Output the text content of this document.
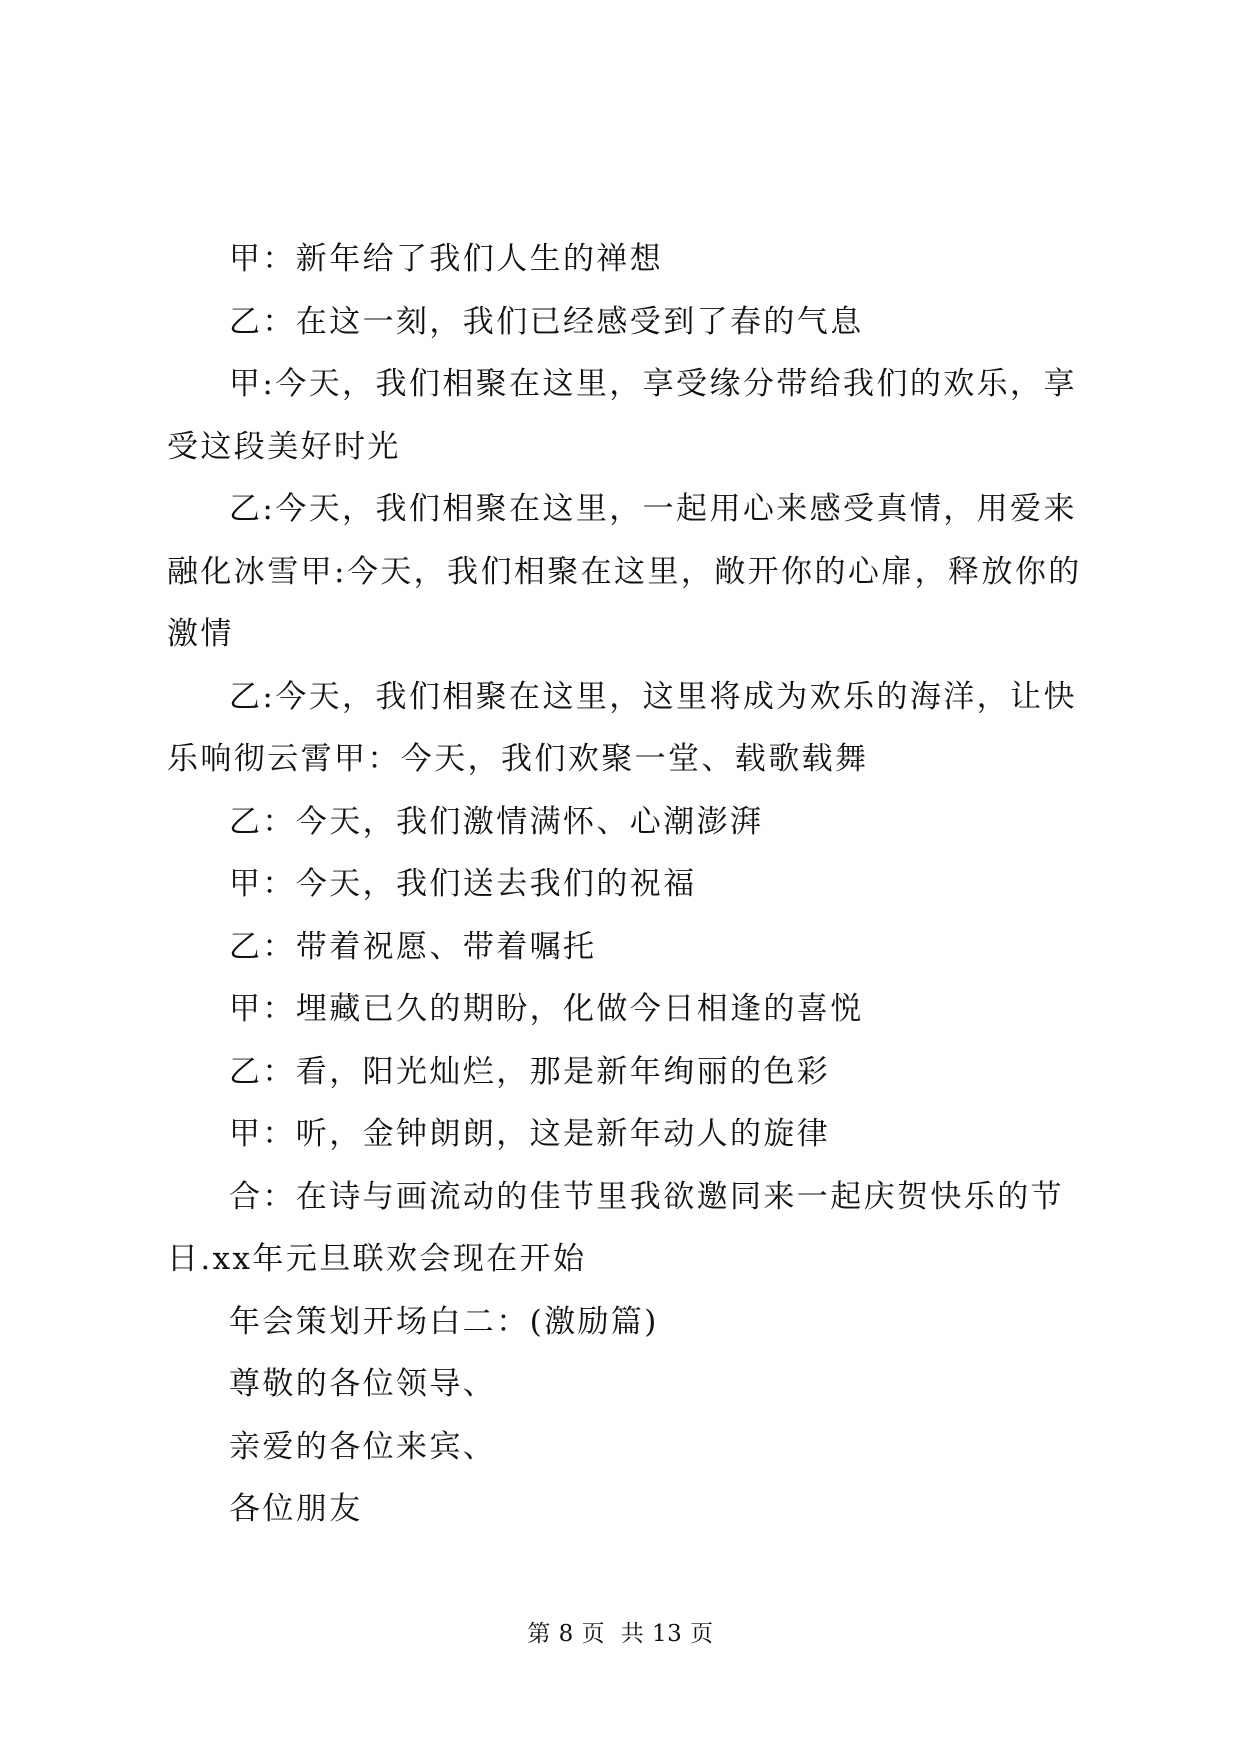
甲：新年给了我们人生的禅想

乙：在这一刻，我们已经感受到了春的气息

甲:今天，我们相聚在这里，享受缘分带给我们的欢乐，享受这段美好时光

乙:今天，我们相聚在这里，一起用心来感受真情，用爱来融化冰雪甲:今天，我们相聚在这里，敞开你的心扉，释放你的激情

乙:今天，我们相聚在这里，这里将成为欢乐的海洋，让快乐响彻云霄甲：今天，我们欢聚一堂、载歌载舞

乙：今天，我们激情满怀、心潮澎湃

甲：今天，我们送去我们的祝福

乙：带着祝愿、带着嘱托

甲：埋藏已久的期盼，化做今日相逢的喜悦

乙：看，阳光灿烂，那是新年绚丽的色彩

甲：听，金钟朗朗，这是新年动人的旋律

合：在诗与画流动的佳节里我欲邀同来一起庆贺快乐的节日.xx年元旦联欢会现在开始

年会策划开场白二：(激励篇)

尊敬的各位领导、

亲爱的各位来宾、

各位朋友

第 8 页  共 13 页
